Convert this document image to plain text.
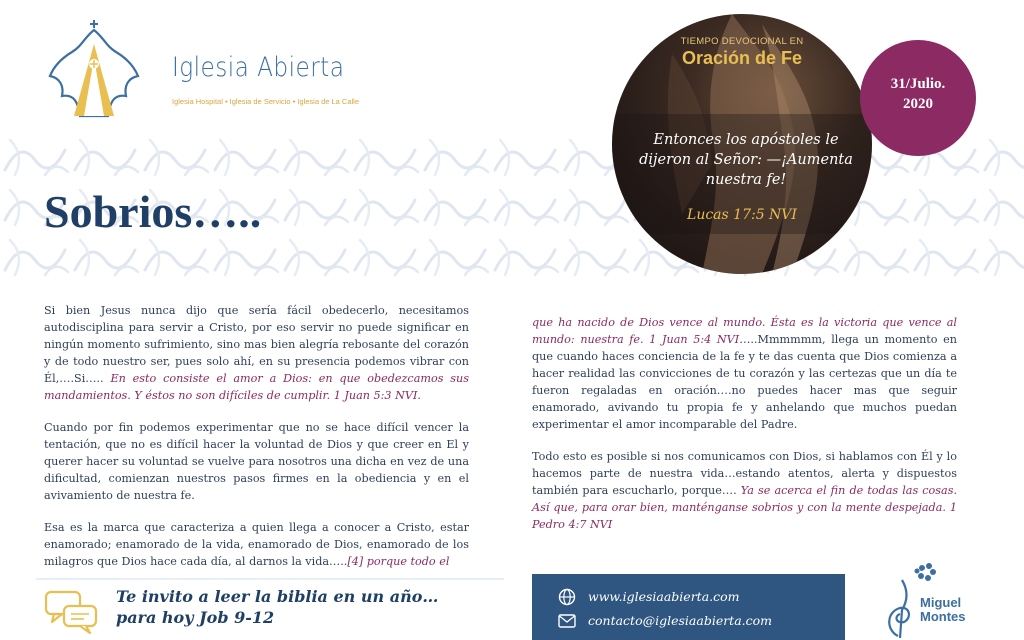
Iglesia Abierta
Iglesia Hospital • Iglesia de Servicio • Iglesia de La Calle
TIEMPO DEVOCIONAL EN
Oración de Fe
Entonces los apóstoles le dijeron al Señor: —¡Aumenta nuestra fe!
Lucas 17:5 NVI
31/Julio.
2020
Sobrios…..

Si bien Jesus nunca dijo que sería fácil obedecerlo, necesitamos autodisciplina para servir a Cristo, por eso servir no puede significar en ningún momento sufrimiento, sino mas bien alegría rebosante del corazón y de todo nuestro ser, pues solo ahí, en su presencia podemos vibrar con Él,….Si….. En esto consiste el amor a Dios: en que obedezcamos sus mandamientos. Y éstos no son difíciles de cumplir. 1 Juan 5:3 NVI.

Cuando por fin podemos experimentar que no se hace difícil vencer la tentación, que no es difícil hacer la voluntad de Dios y que creer en El y querer hacer su voluntad se vuelve para nosotros una dicha en vez de una dificultad, comienzan nuestros pasos firmes en la obediencia y en el avivamiento de nuestra fe.

Esa es la marca que caracteriza a quien llega a conocer a Cristo, estar enamorado; enamorado de la vida, enamorado de Dios, enamorado de los milagros que Dios hace cada día, al darnos la vida…..[4] porque todo el

que ha nacido de Dios vence al mundo. Ésta es la victoria que vence al mundo: nuestra fe. 1 Juan 5:4 NVI…..Mmmmmm, llega un momento en que cuando haces conciencia de la fe y te das cuenta que Dios comienza a hacer realidad las convicciones de tu corazón y las certezas que un día te fueron regaladas en oración….no puedes hacer mas que seguir enamorado, avivando tu propia fe y anhelando que muchos puedan experimentar el amor incomparable del Padre.

Todo esto es posible si nos comunicamos con Dios, si hablamos con Él y lo hacemos parte de nuestra vida…estando atentos, alerta y dispuestos también para escucharlo, porque…. Ya se acerca el fin de todas las cosas. Así que, para orar bien, manténganse sobrios y con la mente despejada. 1 Pedro 4:7 NVI

Te invito a leer la biblia en un año…
para hoy Job 9-12
www.iglesiaabierta.com
contacto@iglesiaabierta.com
Miguel
Montes
